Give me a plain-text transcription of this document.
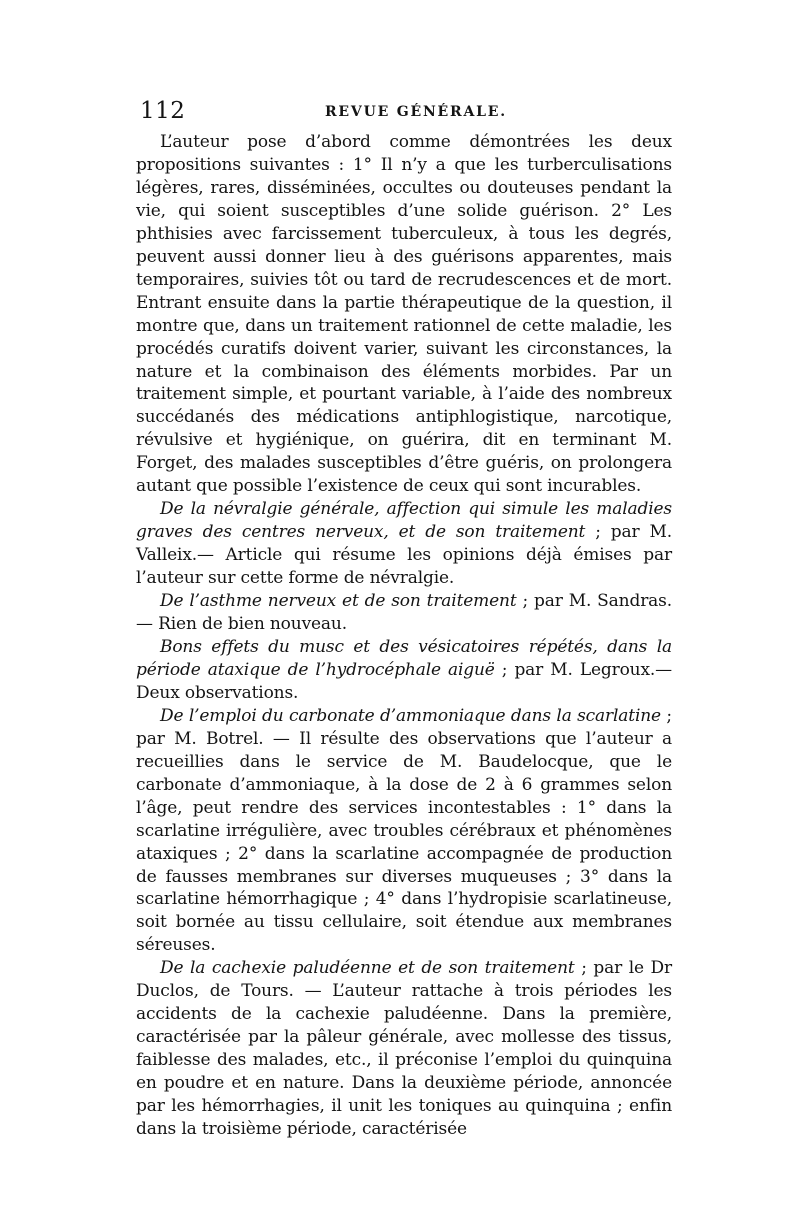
112	REVUE GÉNÉRALE.

L’auteur pose d’abord comme démontrées les deux propositions suivantes : 1° Il n’y a que les turberculisations légères, rares, disséminées, occultes ou douteuses pendant la vie, qui soient susceptibles d’une solide guérison. 2° Les phthisies avec farcissement tuberculeux, à tous les degrés, peuvent aussi donner lieu à des guérisons apparentes, mais temporaires, suivies tôt ou tard de recrudescences et de mort. Entrant ensuite dans la partie thérapeutique de la question, il montre que, dans un traitement rationnel de cette maladie, les procédés curatifs doivent varier, suivant les circonstances, la nature et la combinaison des éléments morbides. Par un traitement simple, et pourtant variable, à l’aide des nombreux succédanés des médications antiphlogistique, narcotique, révulsive et hygiénique, on guérira, dit en terminant M. Forget, des malades susceptibles d’être guéris, on prolongera autant que possible l’existence de ceux qui sont incurables.

De la névralgie générale, affection qui simule les maladies graves des centres nerveux, et de son traitement ; par M. Valleix.— Article qui résume les opinions déjà émises par l’auteur sur cette forme de névralgie.

De l’asthme nerveux et de son traitement ; par M. Sandras.— Rien de bien nouveau.

Bons effets du musc et des vésicatoires répétés, dans la période ataxique de l’hydrocéphale aiguë ; par M. Legroux.— Deux observations.

De l’emploi du carbonate d’ammoniaque dans la scarlatine ; par M. Botrel. — Il résulte des observations que l’auteur a recueillies dans le service de M. Baudelocque, que le carbonate d’ammoniaque, à la dose de 2 à 6 grammes selon l’âge, peut rendre des services incontestables : 1° dans la scarlatine irrégulière, avec troubles cérébraux et phénomènes ataxiques ; 2° dans la scarlatine accompagnée de production de fausses membranes sur diverses muqueuses ; 3° dans la scarlatine hémorrhagique ; 4° dans l’hydropisie scarlatineuse, soit bornée au tissu cellulaire, soit étendue aux membranes séreuses.

De la cachexie paludéenne et de son traitement ; par le Dr Duclos, de Tours. — L’auteur rattache à trois périodes les accidents de la cachexie paludéenne. Dans la première, caractérisée par la pâleur générale, avec mollesse des tissus, faiblesse des malades, etc., il préconise l’emploi du quinquina en poudre et en nature. Dans la deuxième période, annoncée par les hémorrhagies, il unit les toniques au quinquina ; enfin dans la troisième période, caractérisée
